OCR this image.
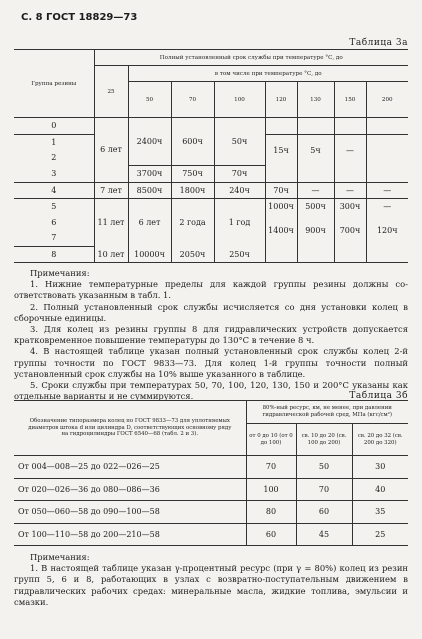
С. 8 ГОСТ 18829—73
Таблица 3а
Группа резины	Полный установленный срок службы при температуре °С, до							
	25	в том числе при температуре °С, до						
		50	70	100	120	130	150	200
0	6 лет	2400ч	600ч	50ч				
1					15ч	5ч	—	
2								
3		3700ч	750ч	70ч				
4	7 лет	8500ч	1800ч	240ч	70ч	—	—	—
5	11 лет	6 лет	2 года	1 год	1000ч	500ч	300ч	—
6					1400ч	900ч	700ч	120ч
7								
8	10 лет	10000ч	2050ч	250ч				
Примечания:

1. Нижние температурные пределы для каждой группы резины должны со-ответствовать указанным в табл. 1.

2. Полный установленный срок службы исчисляется со дня установки колец в сборочные единицы.

3. Для колец из резины группы 8 для гидравлических устройств допускается кратковременное повышение температуры до 130°С в течение 8 ч.

4. В настоящей таблице указан полный установленный срок службы колец 2-й группы точности по ГОСТ 9833—73. Для колец 1-й группы точности полный установленный срок службы на 10% выше указанного в таблице.

5. Сроки службы при температурах 50, 70, 100, 120, 130, 150 и 200°С указаны как отдельные варианты и не суммируются.	Таблица 3б
Обозначение типоразмера колец по ГОСТ 9833—73 для уплотняемых диаметров штока d или цилиндра D, соответствующих основному ряду на гидроцилиндры ГОСТ 6540—68 (табл. 2 и 3).	80%-ный ресурс, км, не менее, при давлении гидравлической рабочей сред, МПа (кгс/см²)		
	от 0 до 10 (от 0 до 100)	св. 10 до 20 (св. 100 до 200)	св. 20 до 32 (св. 200 до 320)
От 004—008—25 до 022—026—25	70	50	30
От 020—026—36 до 080—086—36	100	70	40
От 050—060—58 до 090—100—58	80	60	35
От 100—110—58 до 200—210—58	60	45	25
Примечания:

1. В настоящей таблице указан γ-процентный ресурс (при γ = 80%) колец из резин групп 5, 6 и 8, работающих в узлах с возвратно-поступательным движением в гидравлических рабочих средах: минеральные масла, жидкие топлива, эмульсии и смазки.
